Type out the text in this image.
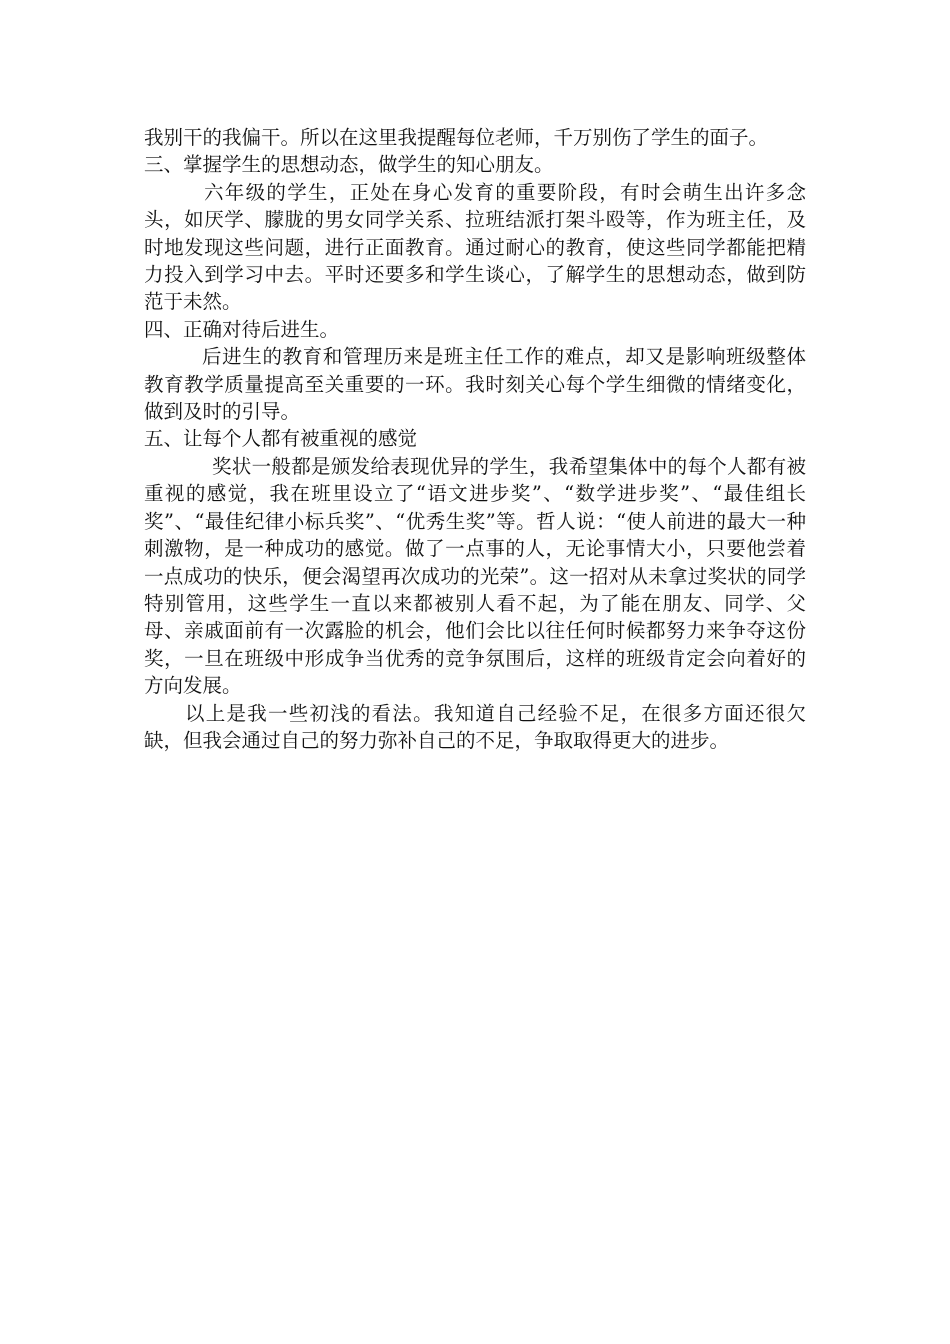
我别干的我偏干。所以在这里我提醒每位老师，千万别伤了学生的面子。

三、掌握学生的思想动态，做学生的知心朋友。

六年级的学生，正处在身心发育的重要阶段，有时会萌生出许多念头，如厌学、朦胧的男女同学关系、拉班结派打架斗殴等，作为班主任，及时地发现这些问题，进行正面教育。通过耐心的教育，使这些同学都能把精力投入到学习中去。平时还要多和学生谈心，了解学生的思想动态，做到防范于未然。

四、正确对待后进生。

后进生的教育和管理历来是班主任工作的难点，却又是影响班级整体教育教学质量提高至关重要的一环。我时刻关心每个学生细微的情绪变化，做到及时的引导。

五、让每个人都有被重视的感觉

奖状一般都是颁发给表现优异的学生，我希望集体中的每个人都有被重视的感觉，我在班里设立了“语文进步奖”、“数学进步奖”、“最佳组长奖”、“最佳纪律小标兵奖”、“优秀生奖”等。哲人说：“使人前进的最大一种刺激物，是一种成功的感觉。做了一点事的人，无论事情大小，只要他尝着一点成功的快乐，便会渴望再次成功的光荣”。这一招对从未拿过奖状的同学特别管用，这些学生一直以来都被别人看不起，为了能在朋友、同学、父母、亲戚面前有一次露脸的机会，他们会比以往任何时候都努力来争夺这份奖，一旦在班级中形成争当优秀的竞争氛围后，这样的班级肯定会向着好的方向发展。

以上是我一些初浅的看法。我知道自己经验不足，在很多方面还很欠缺，但我会通过自己的努力弥补自己的不足，争取取得更大的进步。
